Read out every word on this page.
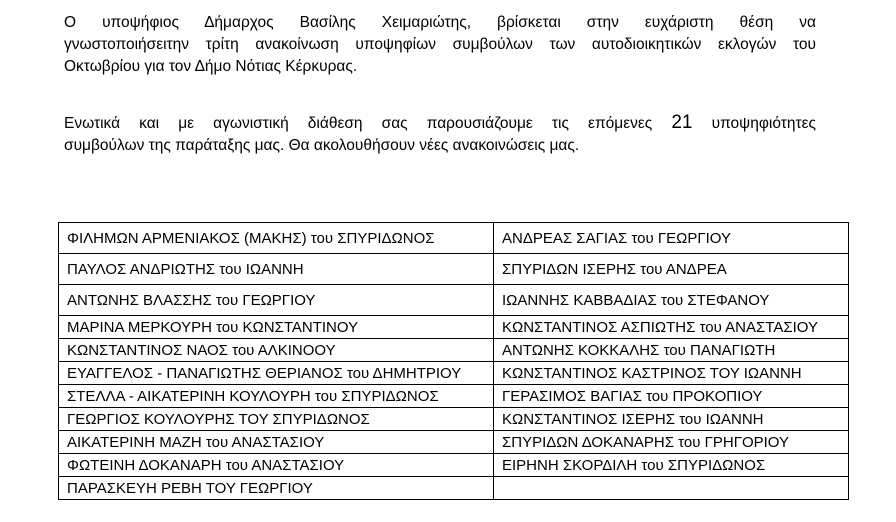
Ο υποψήφιος Δήμαρχος Βασίλης Χειμαριώτης, βρίσκεται στην ευχάριστη θέση να
γνωστοποιήσειτην τρίτη ανακοίνωση υποψηφίων συμβούλων των αυτοδιοικητικών εκλογών του
Οκτωβρίου για τον Δήμο Νότιας Κέρκυρας.
Ενωτικά και με αγωνιστική διάθεση σας παρουσιάζουμε τις επόμενες 21 υποψηφιότητες
συμβούλων της παράταξης μας. Θα ακολουθήσουν νέες ανακοινώσεις μας.
ΦΙΛΗΜΩΝ ΑΡΜΕΝΙΑΚΟΣ (ΜΑΚΗΣ) του ΣΠΥΡΙΔΩΝΟΣ	ΑΝΔΡΕΑΣ ΣΑΓΙΑΣ του ΓΕΩΡΓΙΟΥ
ΠΑΥΛΟΣ ΑΝΔΡΙΩΤΗΣ του ΙΩΑΝΝΗ	ΣΠΥΡΙΔΩΝ ΙΣΕΡΗΣ του ΑΝΔΡΕΑ
ΑΝΤΩΝΗΣ ΒΛΑΣΣΗΣ του ΓΕΩΡΓΙΟΥ	ΙΩΑΝΝΗΣ ΚΑΒΒΑΔΙΑΣ του ΣΤΕΦΑΝΟΥ
ΜΑΡΙΝΑ ΜΕΡΚΟΥΡΗ του ΚΩΝΣΤΑΝΤΙΝΟΥ	ΚΩΝΣΤΑΝΤΙΝΟΣ ΑΣΠΙΩΤΗΣ του ΑΝΑΣΤΑΣΙΟΥ
ΚΩΝΣΤΑΝΤΙΝΟΣ ΝΑΟΣ του ΑΛΚΙΝΟΟΥ	ΑΝΤΩΝΗΣ ΚΟΚΚΑΛΗΣ του ΠΑΝΑΓΙΩΤΗ
ΕΥΑΓΓΕΛΟΣ - ΠΑΝΑΓΙΩΤΗΣ ΘΕΡΙΑΝΟΣ του ΔΗΜΗΤΡΙΟΥ	ΚΩΝΣΤΑΝΤΙΝΟΣ ΚΑΣΤΡΙΝΟΣ ΤΟΥ ΙΩΑΝΝΗ
ΣΤΕΛΛΑ - ΑΙΚΑΤΕΡΙΝΗ ΚΟΥΛΟΥΡΗ του ΣΠΥΡΙΔΩΝΟΣ	ΓΕΡΑΣΙΜΟΣ ΒΑΓΙΑΣ του ΠΡΟΚΟΠΙΟΥ
ΓΕΩΡΓΙΟΣ ΚΟΥΛΟΥΡΗΣ ΤΟΥ ΣΠΥΡΙΔΩΝΟΣ	ΚΩΝΣΤΑΝΤΙΝΟΣ ΙΣΕΡΗΣ του ΙΩΑΝΝΗ
ΑΙΚΑΤΕΡΙΝΗ ΜΑΖΗ του ΑΝΑΣΤΑΣΙΟΥ	ΣΠΥΡΙΔΩΝ ΔΟΚΑΝΑΡΗΣ του ΓΡΗΓΟΡΙΟΥ
ΦΩΤΕΙΝΗ ΔΟΚΑΝΑΡΗ του ΑΝΑΣΤΑΣΙΟΥ	ΕΙΡΗΝΗ ΣΚΟΡΔΙΛΗ του ΣΠΥΡΙΔΩΝΟΣ
ΠΑΡΑΣΚΕΥΗ ΡΕΒΗ ΤΟΥ ΓΕΩΡΓΙΟΥ	
